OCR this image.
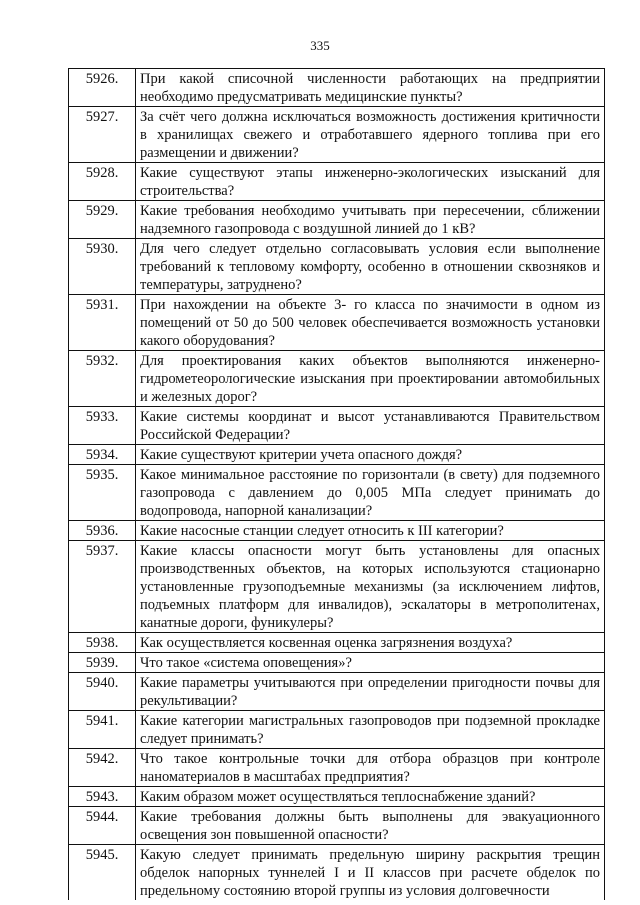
335
5926.	При какой списочной численности работающих на предприятии необходимо предусматривать медицинские пункты?
5927.	За счёт чего должна исключаться возможность достижения критичности в хранилищах свежего и отработавшего ядерного топлива при его размещении и движении?
5928.	Какие существуют этапы инженерно-экологических изысканий для строительства?
5929.	Какие требования необходимо учитывать при пересечении, сближении надземного газопровода с воздушной линией до 1 кВ?
5930.	Для чего следует отдельно согласовывать условия если выполнение требований к тепловому комфорту, особенно в отношении сквозняков и температуры, затруднено?
5931.	При нахождении на объекте 3- го класса по значимости в одном из помещений от 50 до 500 человек обеспечивается возможность установки какого оборудования?
5932.	Для проектирования каких объектов выполняются инженерно-гидрометеорологические изыскания при проектировании автомобильных и железных дорог?
5933.	Какие системы координат и высот устанавливаются Правительством Российской Федерации?
5934.	Какие существуют критерии учета опасного дождя?
5935.	Какое минимальное расстояние по горизонтали (в свету) для подземного газопровода с давлением до 0,005 МПа следует принимать до водопровода, напорной канализации?
5936.	Какие насосные станции следует относить к III категории?
5937.	Какие классы опасности могут быть установлены для опасных производственных объектов, на которых используются стационарно установленные грузоподъемные механизмы (за исключением лифтов, подъемных платформ для инвалидов), эскалаторы в метрополитенах, канатные дороги, фуникулеры?
5938.	Как осуществляется косвенная оценка загрязнения воздуха?
5939.	Что такое «система оповещения»?
5940.	Какие параметры учитываются при определении пригодности почвы для рекультивации?
5941.	Какие категории магистральных газопроводов при подземной прокладке следует принимать?
5942.	Что такое контрольные точки для отбора образцов при контроле наноматериалов в масштабах предприятия?
5943.	Каким образом может осуществляться теплоснабжение зданий?
5944.	Какие требования должны быть выполнены для эвакуационного освещения зон повышенной опасности?
5945.	Какую следует принимать предельную ширину раскрытия трещин обделок напорных туннелей I и II классов при расчете обделок по предельному состоянию второй группы из условия долговечности
